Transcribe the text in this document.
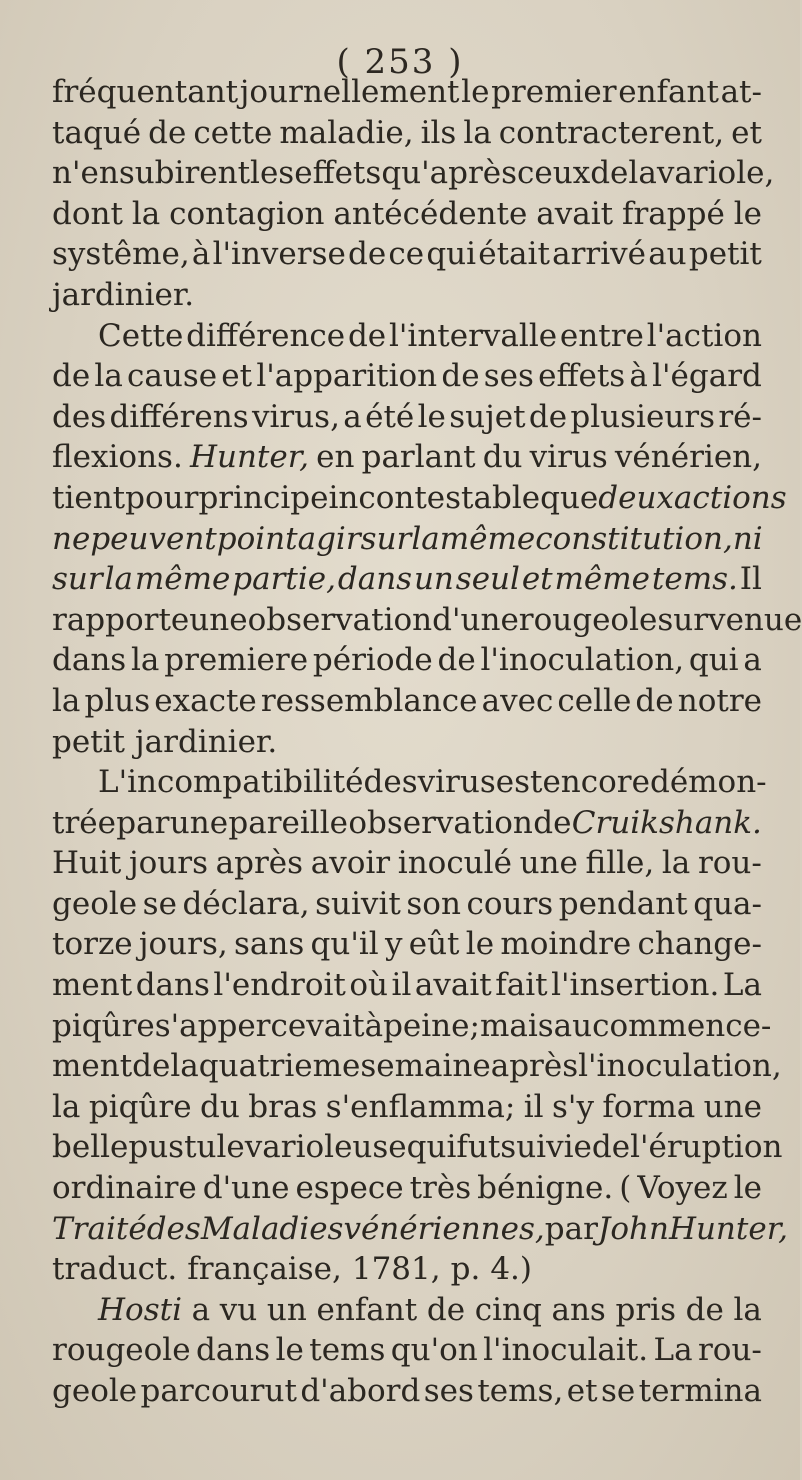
( 253 )
fréquentant journellement le premier enfant at-
taqué de cette maladie, ils la contracterent, et
n'en subirent les effets qu'après ceux de la variole,
dont la contagion antécédente avait frappé le
systême, à l'inverse de ce qui était arrivé au petit
jardinier.
Cette différence de l'intervalle entre l'action
de la cause et l'apparition de ses effets à l'égard
des différens virus, a été le sujet de plusieurs ré-
flexions. Hunter, en parlant du virus vénérien,
tient pour principe incontestable que deux actions
ne peuvent point agir sur la même constitution, ni
sur la même partie, dans un seul et même tems. Il
rapporte une observation d'une rougeole survenue
dans la premiere période de l'inoculation, qui a
la plus exacte ressemblance avec celle de notre
petit jardinier.
L'incompatibilité des virus est encore démon-
trée par une pareille observation de Cruikshank.
Huit jours après avoir inoculé une fille, la rou-
geole se déclara, suivit son cours pendant qua-
torze jours, sans qu'il y eût le moindre change-
ment dans l'endroit où il avait fait l'insertion. La
piqûre s'appercevait à peine; mais au commence-
ment de la quatrieme semaine après l'inoculation,
la piqûre du bras s'enflamma; il s'y forma une
belle pustule varioleuse qui fut suivie de l'éruption
ordinaire d'une espece très bénigne. ( Voyez le
Traité des Maladies vénériennes, par John Hunter,
traduct. française, 1781, p. 4.)
Hosti a vu un enfant de cinq ans pris de la
rougeole dans le tems qu'on l'inoculait. La rou-
geole parcourut d'abord ses tems, et se termina
